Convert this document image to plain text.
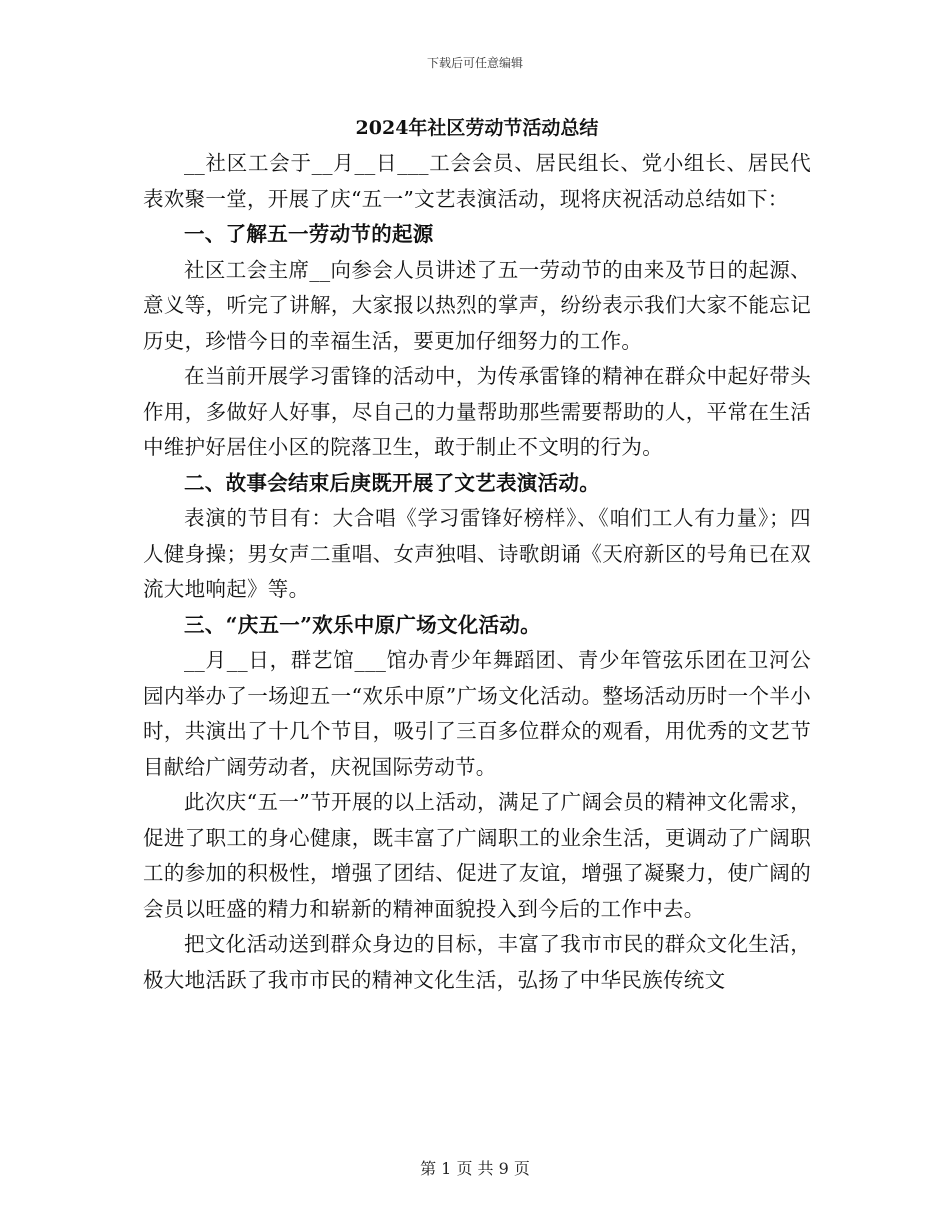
下载后可任意编辑
2024年社区劳动节活动总结

__社区工会于__月__日___工会会员、居民组长、党小组长、居民代表欢聚一堂，开展了庆“五一”文艺表演活动，现将庆祝活动总结如下：

一、了解五一劳动节的起源

社区工会主席__向参会人员讲述了五一劳动节的由来及节日的起源、意义等，听完了讲解，大家报以热烈的掌声，纷纷表示我们大家不能忘记历史，珍惜今日的幸福生活，要更加仔细努力的工作。

在当前开展学习雷锋的活动中，为传承雷锋的精神在群众中起好带头作用，多做好人好事，尽自己的力量帮助那些需要帮助的人，平常在生活中维护好居住小区的院落卫生，敢于制止不文明的行为。

二、故事会结束后庚既开展了文艺表演活动。

表演的节目有：大合唱《学习雷锋好榜样》、《咱们工人有力量》；四人健身操；男女声二重唱、女声独唱、诗歌朗诵《天府新区的号角已在双流大地响起》等。

三、“庆五一”欢乐中原广场文化活动。

__月__日，群艺馆___馆办青少年舞蹈团、青少年管弦乐团在卫河公园内举办了一场迎五一“欢乐中原”广场文化活动。整场活动历时一个半小时，共演出了十几个节目，吸引了三百多位群众的观看，用优秀的文艺节目献给广阔劳动者，庆祝国际劳动节。

此次庆“五一”节开展的以上活动，满足了广阔会员的精神文化需求，促进了职工的身心健康，既丰富了广阔职工的业余生活，更调动了广阔职工的参加的积极性，增强了团结、促进了友谊，增强了凝聚力，使广阔的会员以旺盛的精力和崭新的精神面貌投入到今后的工作中去。

把文化活动送到群众身边的目标，丰富了我市市民的群众文化生活，极大地活跃了我市市民的精神文化生活，弘扬了中华民族传统文

第 1 页 共 9 页
